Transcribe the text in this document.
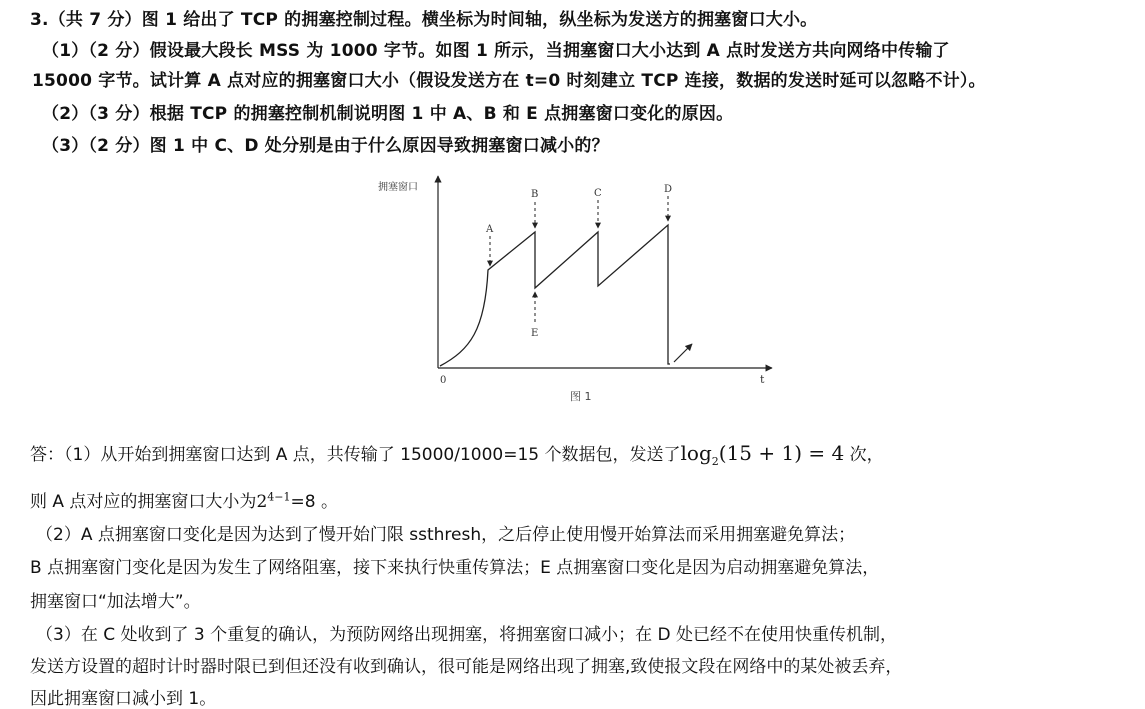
3.（共 7 分）图 1 给出了 TCP 的拥塞控制过程。横坐标为时间轴，纵坐标为发送方的拥塞窗口大小。
（1）（2 分）假设最大段长 MSS 为 1000 字节。如图 1 所示，当拥塞窗口大小达到 A 点时发送方共向网络中传输了
15000 字节。试计算 A 点对应的拥塞窗口大小（假设发送方在 t=0 时刻建立 TCP 连接，数据的发送时延可以忽略不计）。
（2）（3 分）根据 TCP 的拥塞控制机制说明图 1 中 A、B 和 E 点拥塞窗口变化的原因。
（3）（2 分）图 1 中 C、D 处分别是由于什么原因导致拥塞窗口减小的？
拥塞窗口
0	t
图 1
A
B	C	D
E
答：（1）从开始到拥塞窗口达到 A 点，共传输了 15000/1000=15 个数据包，发送了$\log_2(15 + 1) = 4$ 次，
则 A 点对应的拥塞窗口大小为$2^{4-1}=8$ 。
（2）A 点拥塞窗口变化是因为达到了慢开始门限 ssthresh，之后停止使用慢开始算法而采用拥塞避免算法；
B 点拥塞窗门变化是因为发生了网络阻塞，接下来执行快重传算法；E 点拥塞窗口变化是因为启动拥塞避免算法，
拥塞窗口“加法增大”。
（3）在 C 处收到了 3 个重复的确认，为预防网络出现拥塞，将拥塞窗口减小；在 D 处已经不在使用快重传机制，
发送方设置的超时计时器时限已到但还没有收到确认，很可能是网络出现了拥塞,致使报文段在网络中的某处被丢弃，
因此拥塞窗口减小到 1。
